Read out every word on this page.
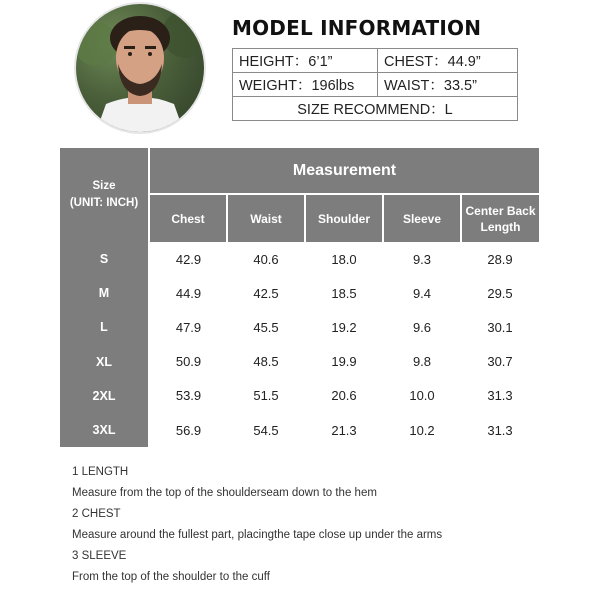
MODEL INFORMATION
HEIGHT：6’1”	CHEST：44.9”
WEIGHT：196lbs	WAIST：33.5”
SIZE RECOMMEND：L	
Size
(UNIT: INCH)	Measurement				
	Chest	Waist	Shoulder	Sleeve	Center Back Length
S	42.9	40.6	18.0	9.3	28.9
M	44.9	42.5	18.5	9.4	29.5
L	47.9	45.5	19.2	9.6	30.1
XL	50.9	48.5	19.9	9.8	30.7
2XL	53.9	51.5	20.6	10.0	31.3
3XL	56.9	54.5	21.3	10.2	31.3
1 LENGTH
Measure from the top of the shoulderseam down to the hem
2 CHEST
Measure around the fullest part, placingthe tape close up under the arms
3 SLEEVE
From the top of the shoulder to the cuff
